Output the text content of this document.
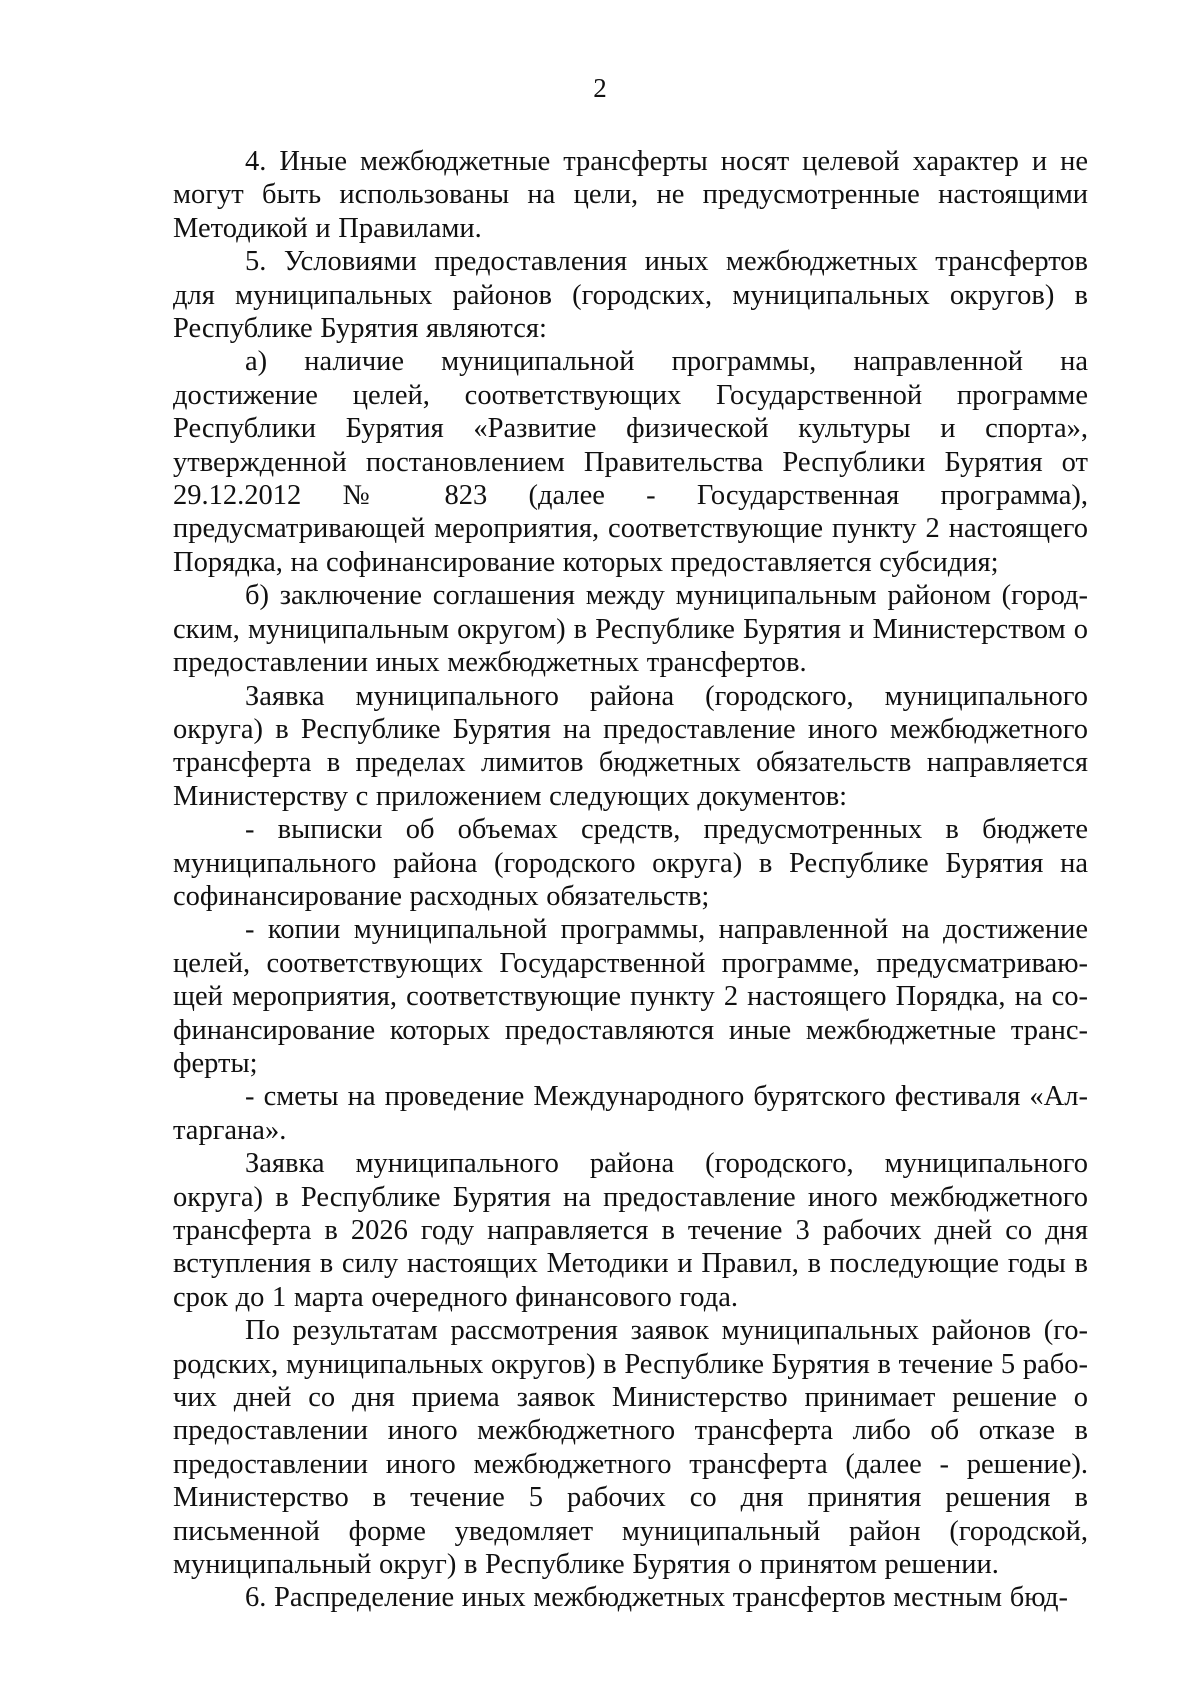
2

4. Иные межбюджетные трансферты носят целевой характер и не могут быть использованы на цели, не предусмотренные настоящими Методикой и Правилами.

5. Условиями предоставления иных межбюджетных трансфертов для муниципальных районов (городских, муниципальных округов) в Республике Бурятия являются:

а) наличие муниципальной программы, направленной на достижение целей, соответствующих Государственной программе Республики Бурятия «Развитие физической культуры и спорта», утвержденной постановлением Правительства Республики Бурятия от 29.12.2012 № 823 (далее - Государственная программа), предусматривающей мероприятия, соответствующие пункту 2 настоящего Порядка, на софинансирование которых предоставляется субсидия;

б) заключение соглашения между муниципальным районом (городским, муниципальным округом) в Республике Бурятия и Министерством о предоставлении иных межбюджетных трансфертов.

Заявка муниципального района (городского, муниципального округа) в Республике Бурятия на предоставление иного межбюджетного трансферта в пределах лимитов бюджетных обязательств направляется Министерству с приложением следующих документов:

- выписки об объемах средств, предусмотренных в бюджете муниципального района (городского округа) в Республике Бурятия на софинансирование расходных обязательств;

- копии муниципальной программы, направленной на достижение целей, соответствующих Государственной программе, предусматривающей мероприятия, соответствующие пункту 2 настоящего Порядка, на софинансирование которых предоставляются иные межбюджетные трансферты;

- сметы на проведение Международного бурятского фестиваля «Алтаргана».

Заявка муниципального района (городского, муниципального округа) в Республике Бурятия на предоставление иного межбюджетного трансферта в 2026 году направляется в течение 3 рабочих дней со дня вступления в силу настоящих Методики и Правил, в последующие годы в срок до 1 марта очередного финансового года.

По результатам рассмотрения заявок муниципальных районов (городских, муниципальных округов) в Республике Бурятия в течение 5 рабочих дней со дня приема заявок Министерство принимает решение о предоставлении иного межбюджетного трансферта либо об отказе в предоставлении иного межбюджетного трансферта (далее - решение). Министерство в течение 5 рабочих со дня принятия решения в письменной форме уведомляет муниципальный район (городской, муниципальный округ) в Республике Бурятия о принятом решении.

6. Распределение иных межбюджетных трансфертов местным бюд-
